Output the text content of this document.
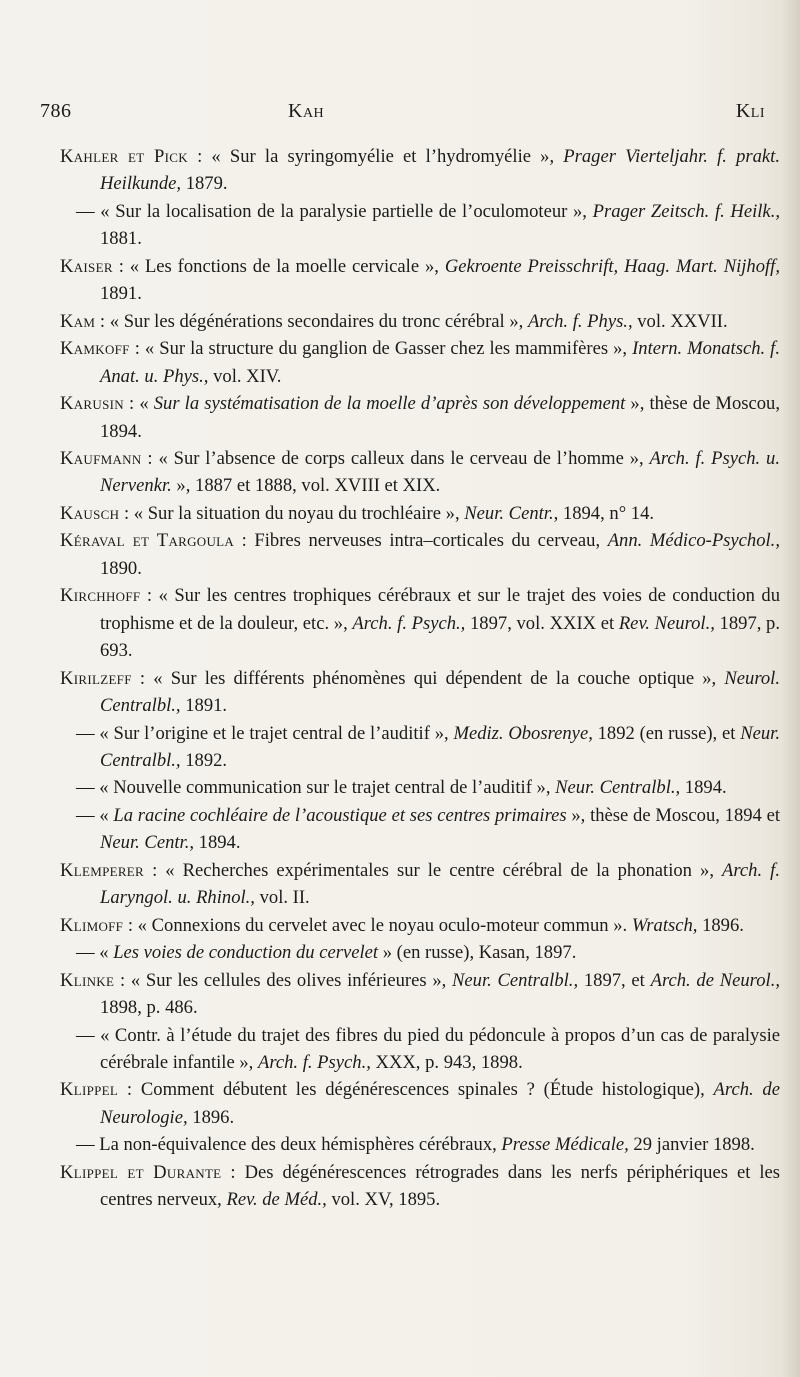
786	Kah	Kli
Kahler et Pick : « Sur la syringomyélie et l’hydromyélie », Prager Vierteljahr. f. prakt. Heilkunde, 1879.
— « Sur la localisation de la paralysie partielle de l’oculomoteur », Prager Zeitsch. f. Heilk., 1881.
Kaiser : « Les fonctions de la moelle cervicale », Gekroente Preisschrift, Haag. Mart. Nijhoff, 1891.
Kam : « Sur les dégénérations secondaires du tronc cérébral », Arch. f. Phys., vol. XXVII.
Kamkoff : « Sur la structure du ganglion de Gasser chez les mammifères », Intern. Monatsch. f. Anat. u. Phys., vol. XIV.
Karusin : « Sur la systématisation de la moelle d’après son développement », thèse de Moscou, 1894.
Kaufmann : « Sur l’absence de corps calleux dans le cerveau de l’homme », Arch. f. Psych. u. Nervenkr. », 1887 et 1888, vol. XVIII et XIX.
Kausch : « Sur la situation du noyau du trochléaire », Neur. Centr., 1894, n° 14.
Kéraval et Targoula : Fibres nerveuses intra–corticales du cerveau, Ann. Médico-Psychol., 1890.
Kirchhoff : « Sur les centres trophiques cérébraux et sur le trajet des voies de conduction du trophisme et de la douleur, etc. », Arch. f. Psych., 1897, vol. XXIX et Rev. Neurol., 1897, p. 693.
Kirilzeff : « Sur les différents phénomènes qui dépendent de la couche optique », Neurol. Centralbl., 1891.
— « Sur l’origine et le trajet central de l’auditif », Mediz. Obosrenye, 1892 (en russe), et Neur. Centralbl., 1892.
— « Nouvelle communication sur le trajet central de l’auditif », Neur. Centralbl., 1894.
— « La racine cochléaire de l’acoustique et ses centres primaires », thèse de Moscou, 1894 et Neur. Centr., 1894.
Klemperer : « Recherches expérimentales sur le centre cérébral de la phonation », Arch. f. Laryngol. u. Rhinol., vol. II.
Klimoff : « Connexions du cervelet avec le noyau oculo-moteur commun ». Wratsch, 1896.
— « Les voies de conduction du cervelet » (en russe), Kasan, 1897.
Klinke : « Sur les cellules des olives inférieures », Neur. Centralbl., 1897, et Arch. de Neurol., 1898, p. 486.
— « Contr. à l’étude du trajet des fibres du pied du pédoncule à propos d’un cas de paralysie cérébrale infantile », Arch. f. Psych., XXX, p. 943, 1898.
Klippel : Comment débutent les dégénérescences spinales ? (Étude histologique), Arch. de Neurologie, 1896.
— La non-équivalence des deux hémisphères cérébraux, Presse Médicale, 29 janvier 1898.
Klippel et Durante : Des dégénérescences rétrogrades dans les nerfs périphériques et les centres nerveux, Rev. de Méd., vol. XV, 1895.
